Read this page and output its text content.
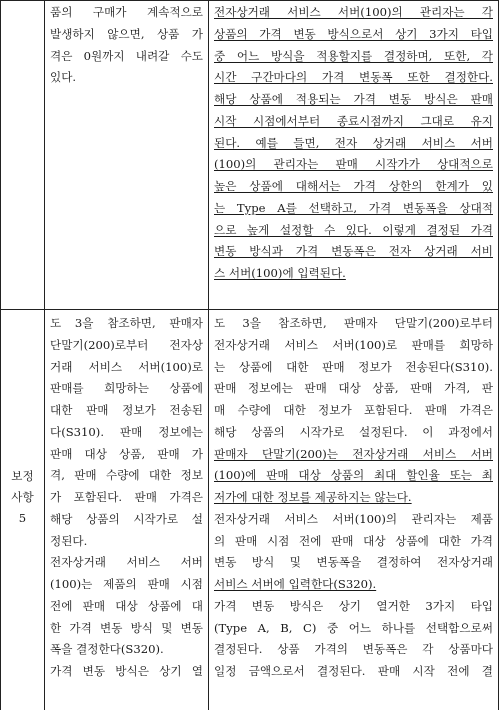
품의 구매가 계속적으로
발생하지 않으면, 상품 가
격은 0원까지 내려갈 수도
있다.
전자상거래 서비스 서버(100)의 관리자는 각
상품의 가격 변동 방식으로서 상기 3가지 타입
중 어느 방식을 적용할지를 결정하며, 또한, 각
시간 구간마다의 가격 변동폭 또한 결정한다.
해당 상품에 적용되는 가격 변동 방식은 판매
시작 시점에서부터 종료시점까지 그대로 유지
된다. 예를 들면, 전자 상거래 서비스 서버
(100)의 관리자는 판매 시작가가 상대적으로
높은 상품에 대해서는 가격 상한의 한계가 있
는 Type A를 선택하고, 가격 변동폭을 상대적
으로 높게 설정할 수 있다. 이렇게 결정된 가격
변동 방식과 가격 변동폭은 전자 상거래 서비
스 서버(100)에 입력된다.
보정
사항
5
도 3을 참조하면, 판매자
단말기(200)로부터 전자상
거래 서비스 서버(100)로
판매를 희망하는 상품에
대한 판매 정보가 전송된
다(S310). 판매 정보에는
판매 대상 상품, 판매 가
격, 판매 수량에 대한 정보
가 포함된다. 판매 가격은
해당 상품의 시작가로 설
정된다.
전자상거래 서비스 서버
(100)는 제품의 판매 시점
전에 판매 대상 상품에 대
한 가격 변동 방식 및 변동
폭을 결정한다(S320).
가격 변동 방식은 상기 열
도 3을 참조하면, 판매자 단말기(200)로부터
전자상거래 서비스 서버(100)로 판매를 희망하
는 상품에 대한 판매 정보가 전송된다(S310).
판매 정보에는 판매 대상 상품, 판매 가격, 판
매 수량에 대한 정보가 포함된다. 판매 가격은
해당 상품의 시작가로 설정된다. 이 과정에서
판매자 단말기(200)는 전자상거래 서비스 서버
(100)에 판매 대상 상품의 최대 할인율 또는 최
저가에 대한 정보를 제공하지는 않는다.
전자상거래 서비스 서버(100)의 관리자는 제품
의 판매 시점 전에 판매 대상 상품에 대한 가격
변동 방식 및 변동폭을 결정하여 전자상거래
서비스 서버에 입력한다(S320).
가격 변동 방식은 상기 열거한 3가지 타입
(Type A, B, C) 중 어느 하나를 선택함으로써
결정된다. 상품 가격의 변동폭은 각 상품마다
일정 금액으로서 결정된다. 판매 시작 전에 결
